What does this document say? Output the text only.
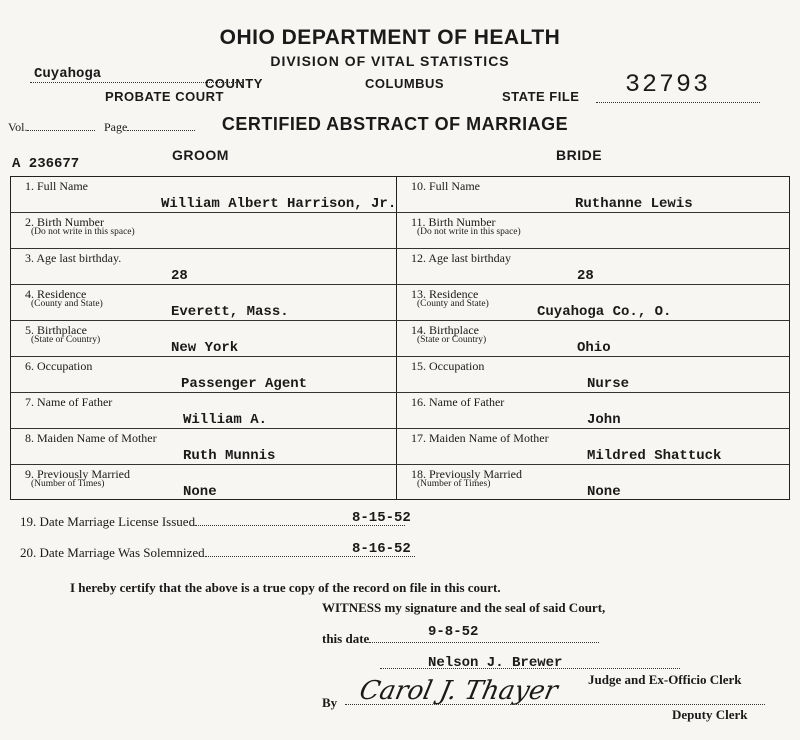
OHIO DEPARTMENT OF HEALTH
DIVISION OF VITAL STATISTICS
Cuyahoga
COUNTY	COLUMBUS
PROBATE COURT	STATE FILE 32793
Vol.	Page	CERTIFIED ABSTRACT OF MARRIAGE
A 236677
GROOM	BRIDE
1. Full Name
William Albert Harrison, Jr.
10. Full Name
Ruthanne Lewis
2. Birth Number
(Do not write in this space)
11. Birth Number
(Do not write in this space)
3. Age last birthday.
28
12. Age last birthday
28
4. Residence
(County and State)	Everett, Mass.
13. Residence
(County and State)	Cuyahoga Co., O.
5. Birthplace
(State or Country)	New York
14. Birthplace
(State or Country)	Ohio
6. Occupation
Passenger Agent
15. Occupation
Nurse
7. Name of Father
William A.
16. Name of Father
John
8. Maiden Name of Mother
Ruth Munnis
17. Maiden Name of Mother
Mildred Shattuck
9. Previously Married
(Number of Times)	None
18. Previously Married
(Number of Times)	None
19. Date Marriage License Issued	8-15-52
20. Date Marriage Was Solemnized	8-16-52
I hereby certify that the above is a true copy of the record on file in this court.
WITNESS my signature and the seal of said Court,
this date	9-8-52
Nelson J. Brewer
Judge and Ex-Officio Clerk
By Carol J. Thayer
Deputy Clerk
